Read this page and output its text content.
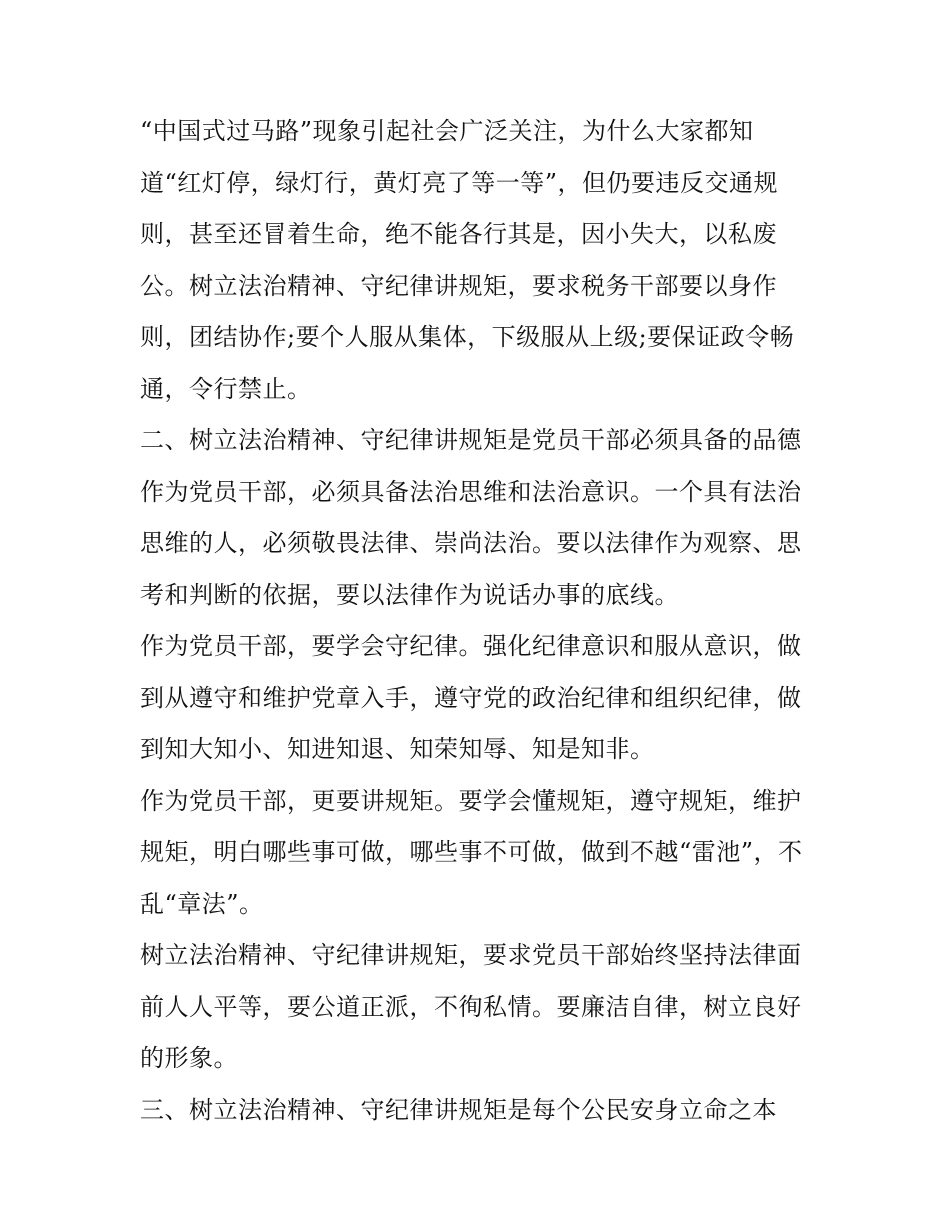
“中国式过马路”现象引起社会广泛关注，为什么大家都知
道“红灯停，绿灯行，黄灯亮了等一等”，但仍要违反交通规
则，甚至还冒着生命，绝不能各行其是，因小失大，以私废
公。树立法治精神、守纪律讲规矩，要求税务干部要以身作
则，团结协作;要个人服从集体，下级服从上级;要保证政令畅
通，令行禁止。
二、树立法治精神、守纪律讲规矩是党员干部必须具备的品德
作为党员干部，必须具备法治思维和法治意识。一个具有法治
思维的人，必须敬畏法律、崇尚法治。要以法律作为观察、思
考和判断的依据，要以法律作为说话办事的底线。
作为党员干部，要学会守纪律。强化纪律意识和服从意识，做
到从遵守和维护党章入手，遵守党的政治纪律和组织纪律，做
到知大知小、知进知退、知荣知辱、知是知非。
作为党员干部，更要讲规矩。要学会懂规矩，遵守规矩，维护
规矩，明白哪些事可做，哪些事不可做，做到不越“雷池”，不
乱“章法”。
树立法治精神、守纪律讲规矩，要求党员干部始终坚持法律面
前人人平等，要公道正派，不徇私情。要廉洁自律，树立良好
的形象。
三、树立法治精神、守纪律讲规矩是每个公民安身立命之本
